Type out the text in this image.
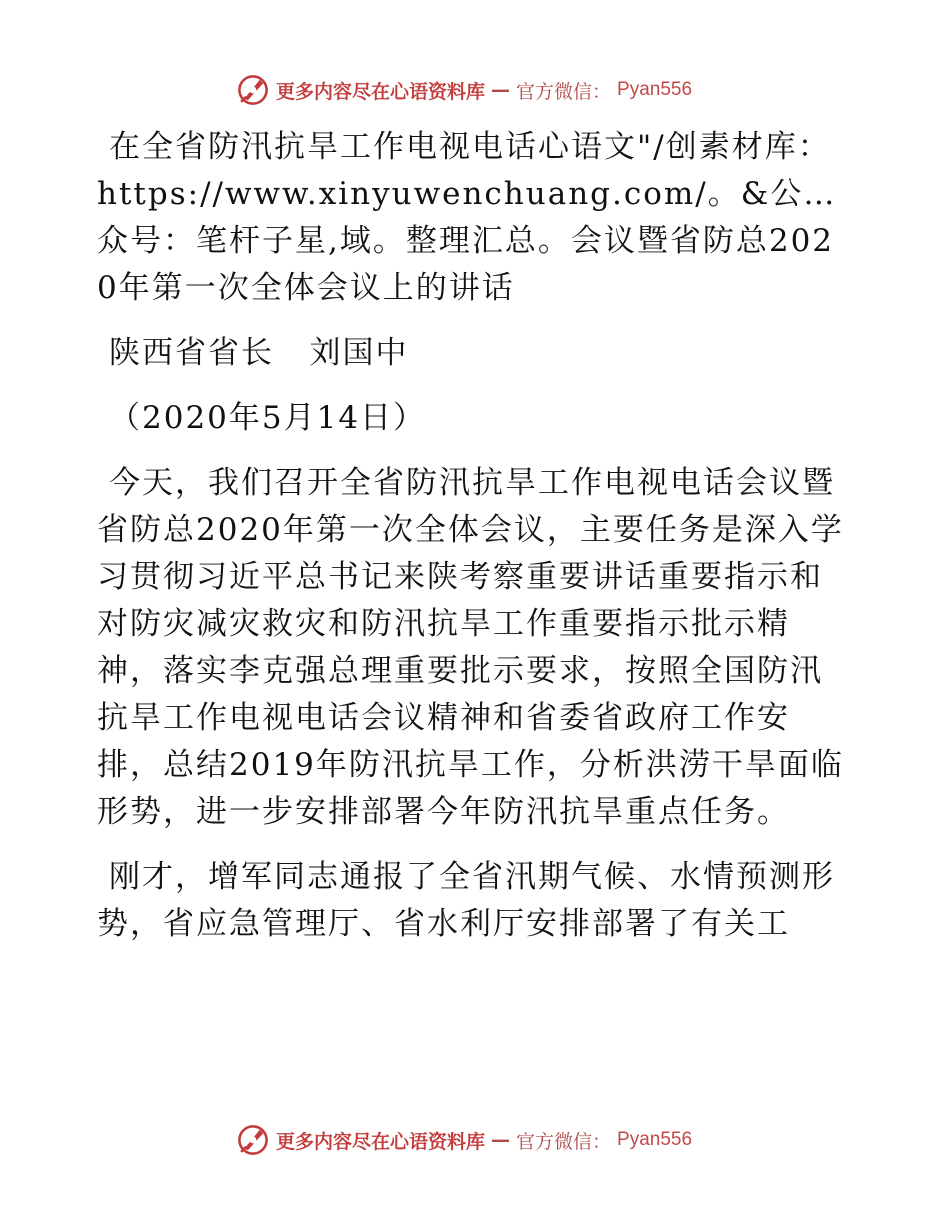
更多内容尽在心语资料库 — 官方微信： Pyan556

在全省防汛抗旱工作电视电话心语文"/创素材库：https://www.xinyuwenchuang.com/。&公…众号：笔杆子星,域。整理汇总。会议暨省防总2020年第一次全体会议上的讲话

陕西省省长   刘国中

（2020年5月14日）

今天，我们召开全省防汛抗旱工作电视电话会议暨省防总2020年第一次全体会议，主要任务是深入学习贯彻习近平总书记来陕考察重要讲话重要指示和对防灾减灾救灾和防汛抗旱工作重要指示批示精神，落实李克强总理重要批示要求，按照全国防汛抗旱工作电视电话会议精神和省委省政府工作安排，总结2019年防汛抗旱工作，分析洪涝干旱面临形势，进一步安排部署今年防汛抗旱重点任务。

刚才，增军同志通报了全省汛期气候、水情预测形势，省应急管理厅、省水利厅安排部署了有关工

更多内容尽在心语资料库 — 官方微信： Pyan556
